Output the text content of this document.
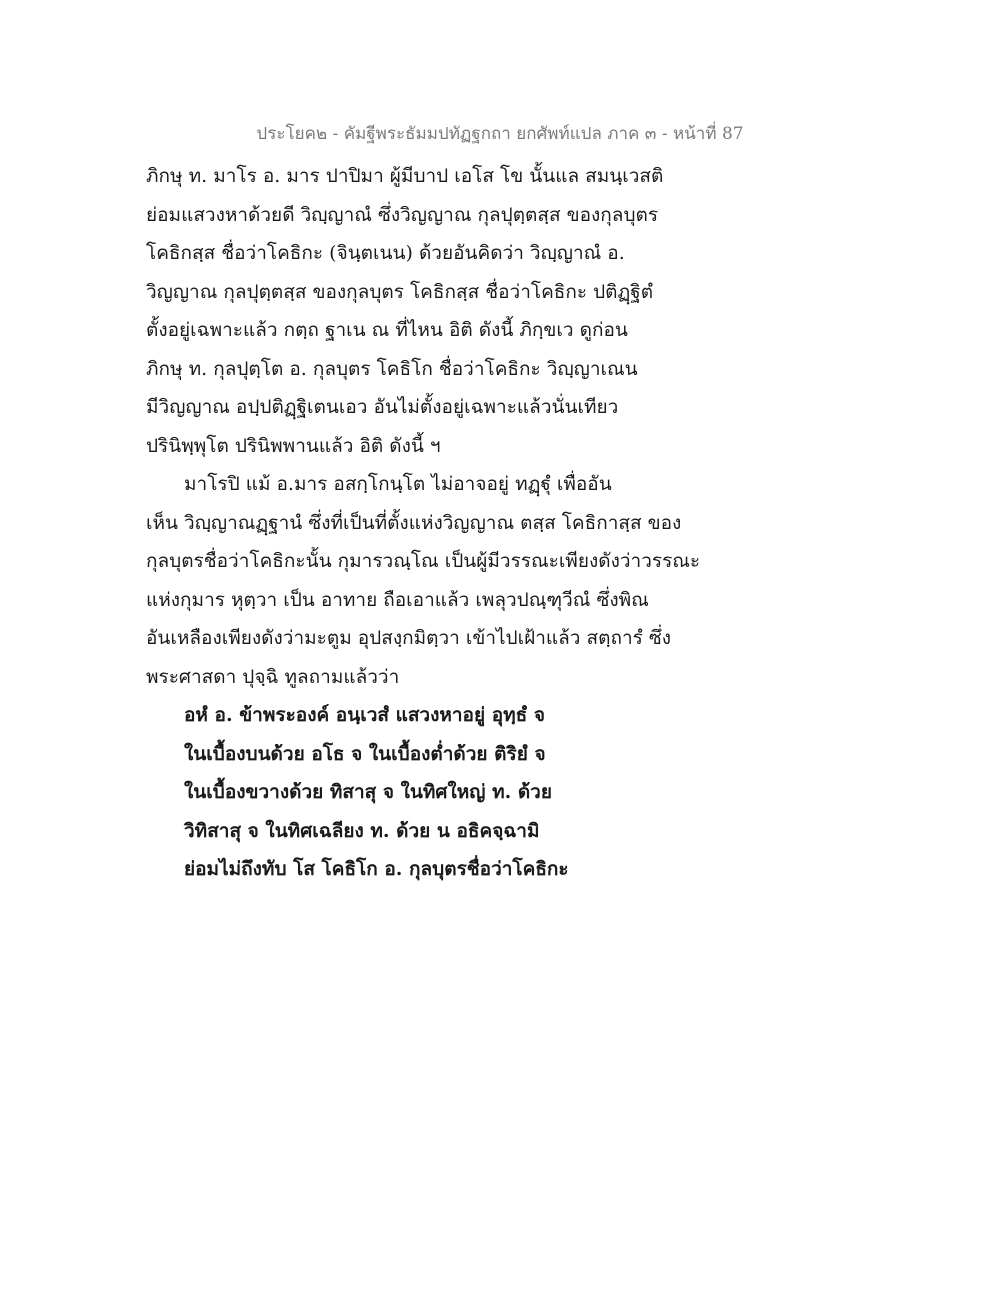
ประโยค๒ - คัมฐีพระธัมมปทัฏฐกถา ยกศัพท์แปล ภาค ๓ - หน้าที่ 87
ภิกษุ ท. มาโร อ. มาร ปาปิมา ผู้มีบาป เอโส โข นั้นแล สมนฺเวสติ
ย่อมแสวงหาด้วยดี วิญฺญาณํ ซึ่งวิญญาณ กุลปุตฺตสฺส ของกุลบุตร
โคธิกสฺส ชื่อว่าโคธิกะ (จินฺตเนน) ด้วยอันคิดว่า วิญฺญาณํ อ.
วิญญาณ กุลปุตฺตสฺส ของกุลบุตร โคธิกสฺส ชื่อว่าโคธิกะ ปติฏฺฐิตํ
ตั้งอยู่เฉพาะแล้ว กตฺถ ฐาเน ณ ที่ไหน อิติ ดังนี้ ภิกฺขเว ดูก่อน
ภิกษุ ท. กุลปุตฺโต อ. กุลบุตร โคธิโก ชื่อว่าโคธิกะ วิญฺญาเณน
มีวิญญาณ อปฺปติฏฺฐิเตนเอว อันไม่ตั้งอยู่เฉพาะแล้วนั่นเทียว
ปรินิพฺพุโต ปรินิพพานแล้ว อิติ ดังนี้ ฯ
มาโรปิ แม้ อ.มาร อสกฺโกนฺโต ไม่อาจอยู่ ทฏฺฐุํ เพื่ออัน
เห็น วิญฺญาณฏฺฐานํ ซึ่งที่เป็นที่ตั้งแห่งวิญญาณ ตสฺส โคธิกาสฺส ของ
กุลบุตรชื่อว่าโคธิกะนั้น กุมารวณฺโณ เป็นผู้มีวรรณะเพียงดังว่าวรรณะ
แห่งกุมาร หุตฺวา เป็น อาทาย ถือเอาแล้ว เพลุวปณฺฑุวีณํ ซึ่งพิณ
อันเหลืองเพียงดังว่ามะตูม อุปสงฺกมิตฺวา เข้าไปเฝ้าแล้ว สตฺถารํ ซึ่ง
พระศาสดา ปุจฺฉิ ทูลถามแล้วว่า
อหํ อ. ข้าพระองค์ อนฺเวสํ แสวงหาอยู่ อุทฺธํ จ
ในเบื้องบนด้วย อโธ จ ในเบื้องต่ำด้วย ติริยํ จ
ในเบื้องขวางด้วย ทิสาสุ จ ในทิศใหญ่ ท. ด้วย
วิทิสาสุ จ ในทิศเฉลียง ท. ด้วย น อธิคจฺฉามิ
ย่อมไม่ถึงทับ โส โคธิโก อ. กุลบุตรชื่อว่าโคธิกะ
